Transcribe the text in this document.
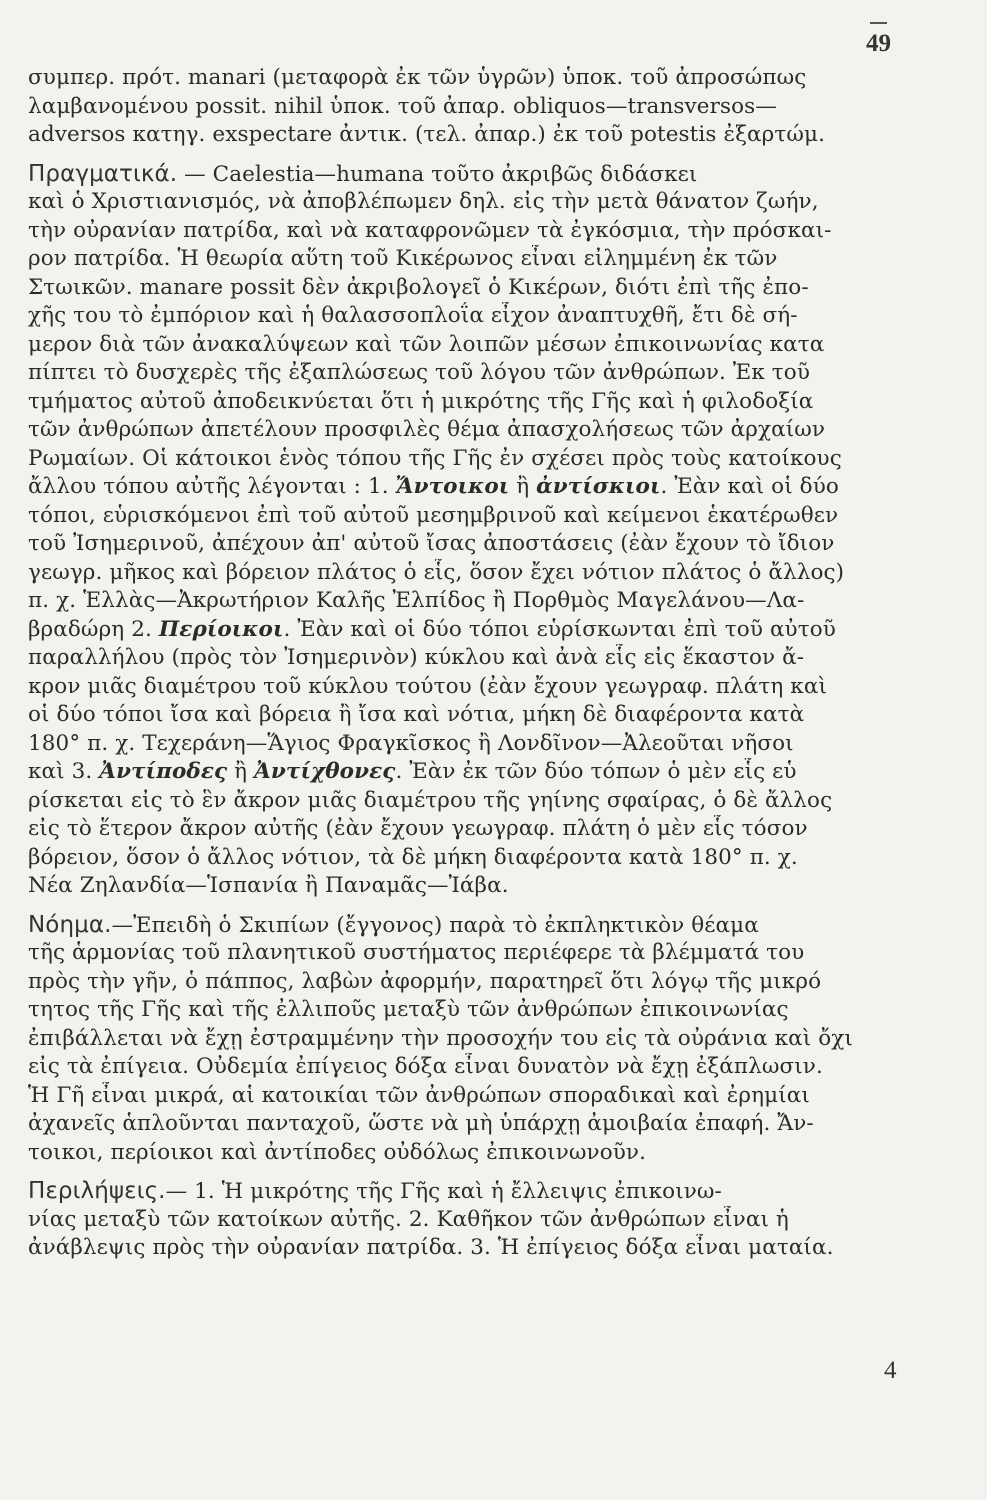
49
συμπερ. πρότ. manari (μεταφορὰ ἐκ τῶν ὑγρῶν) ὑποκ. τοῦ ἀπροσώπως
λαμβανομένου possit. nihil ὑποκ. τοῦ ἀπαρ. obliquos—transversos—
adversos κατηγ. exspectare ἀντικ. (τελ. ἀπαρ.) ἐκ τοῦ potestis ἐξαρτώμ.
Πραγματικά. — Caelestia—humana τοῦτο ἀκριβῶς διδάσκει
καὶ ὁ Χριστιανισμός, νὰ ἀποβλέπωμεν δηλ. εἰς τὴν μετὰ θάνατον ζωήν,
τὴν οὐρανίαν πατρίδα, καὶ νὰ καταφρονῶμεν τὰ ἐγκόσμια, τὴν πρόσκαι-
ρον πατρίδα. Ἡ θεωρία αὕτη τοῦ Κικέρωνος εἶναι εἰλημμένη ἐκ τῶν
Στωικῶν. manare possit δὲν ἀκριβολογεῖ ὁ Κικέρων, διότι ἐπὶ τῆς ἐπο-
χῆς του τὸ ἐμπόριον καὶ ἡ θαλασσοπλοΐα εἶχον ἀναπτυχθῆ, ἔτι δὲ σή-
μερον διὰ τῶν ἀνακαλύψεων καὶ τῶν λοιπῶν μέσων ἐπικοινωνίας κατα
πίπτει τὸ δυσχερὲς τῆς ἐξαπλώσεως τοῦ λόγου τῶν ἀνθρώπων. Ἐκ τοῦ
τμήματος αὐτοῦ ἀποδεικνύεται ὅτι ἡ μικρότης τῆς Γῆς καὶ ἡ φιλοδοξία
τῶν ἀνθρώπων ἀπετέλουν προσφιλὲς θέμα ἀπασχολήσεως τῶν ἀρχαίων
Ρωμαίων. Οἱ κάτοικοι ἑνὸς τόπου τῆς Γῆς ἐν σχέσει πρὸς τοὺς κατοίκους
ἄλλου τόπου αὐτῆς λέγονται : 1. Ἄντοικοι ἢ ἀντίσκιοι. Ἐὰν καὶ οἱ δύο
τόποι, εὑρισκόμενοι ἐπὶ τοῦ αὐτοῦ μεσημβρινοῦ καὶ κείμενοι ἑκατέρωθεν
τοῦ Ἰσημερινοῦ, ἀπέχουν ἀπ' αὐτοῦ ἴσας ἀποστάσεις (ἐὰν ἔχουν τὸ ἴδιον
γεωγρ. μῆκος καὶ βόρειον πλάτος ὁ εἷς, ὅσον ἔχει νότιον πλάτος ὁ ἄλλος)
π. χ. Ἑλλὰς—Ἀκρωτήριον Καλῆς Ἐλπίδος ἢ Πορθμὸς Μαγελάνου—Λα-
βραδώρη 2. Περίοικοι. Ἐὰν καὶ οἱ δύο τόποι εὑρίσκωνται ἐπὶ τοῦ αὐτοῦ
παραλλήλου (πρὸς τὸν Ἰσημερινὸν) κύκλου καὶ ἀνὰ εἷς εἰς ἕκαστον ἄ-
κρον μιᾶς διαμέτρου τοῦ κύκλου τούτου (ἐὰν ἔχουν γεωγραφ. πλάτη καὶ
οἱ δύο τόποι ἴσα καὶ βόρεια ἢ ἴσα καὶ νότια, μήκη δὲ διαφέροντα κατὰ
180° π. χ. Τεχεράνη—Ἅγιος Φραγκῖσκος ἢ Λονδῖνον—Ἀλεοῦται νῆσοι
καὶ 3. Ἀντίποδες ἢ Ἀντίχθονες. Ἐὰν ἐκ τῶν δύο τόπων ὁ μὲν εἷς εὑ
ρίσκεται εἰς τὸ ἓν ἄκρον μιᾶς διαμέτρου τῆς γηίνης σφαίρας, ὁ δὲ ἄλλος
εἰς τὸ ἕτερον ἄκρον αὐτῆς (ἐὰν ἔχουν γεωγραφ. πλάτη ὁ μὲν εἷς τόσον
βόρειον, ὅσον ὁ ἄλλος νότιον, τὰ δὲ μήκη διαφέροντα κατὰ 180° π. χ.
Νέα Ζηλανδία—Ἱσπανία ἢ Παναμᾶς—Ἰάβα.
Νόημα.—Ἐπειδὴ ὁ Σκιπίων (ἔγγονος) παρὰ τὸ ἐκπληκτικὸν θέαμα
τῆς ἁρμονίας τοῦ πλανητικοῦ συστήματος περιέφερε τὰ βλέμματά του
πρὸς τὴν γῆν, ὁ πάππος, λαβὼν ἀφορμήν, παρατηρεῖ ὅτι λόγῳ τῆς μικρό
τητος τῆς Γῆς καὶ τῆς ἐλλιποῦς μεταξὺ τῶν ἀνθρώπων ἐπικοινωνίας
ἐπιβάλλεται νὰ ἔχῃ ἐστραμμένην τὴν προσοχήν του εἰς τὰ οὐράνια καὶ ὄχι
εἰς τὰ ἐπίγεια. Οὐδεμία ἐπίγειος δόξα εἶναι δυνατὸν νὰ ἔχῃ ἐξάπλωσιν.
Ἡ Γῆ εἶναι μικρά, αἱ κατοικίαι τῶν ἀνθρώπων σποραδικαὶ καὶ ἐρημίαι
ἀχανεῖς ἁπλοῦνται πανταχοῦ, ὥστε νὰ μὴ ὑπάρχῃ ἀμοιβαία ἐπαφή. Ἄν-
τοικοι, περίοικοι καὶ ἀντίποδες οὐδόλως ἐπικοινωνοῦν.
Περιλήψεις.— 1. Ἡ μικρότης τῆς Γῆς καὶ ἡ ἔλλειψις ἐπικοινω-
νίας μεταξὺ τῶν κατοίκων αὐτῆς. 2. Καθῆκον τῶν ἀνθρώπων εἶναι ἡ
ἀνάβλεψις πρὸς τὴν οὐρανίαν πατρίδα. 3. Ἡ ἐπίγειος δόξα εἶναι ματαία.
4
